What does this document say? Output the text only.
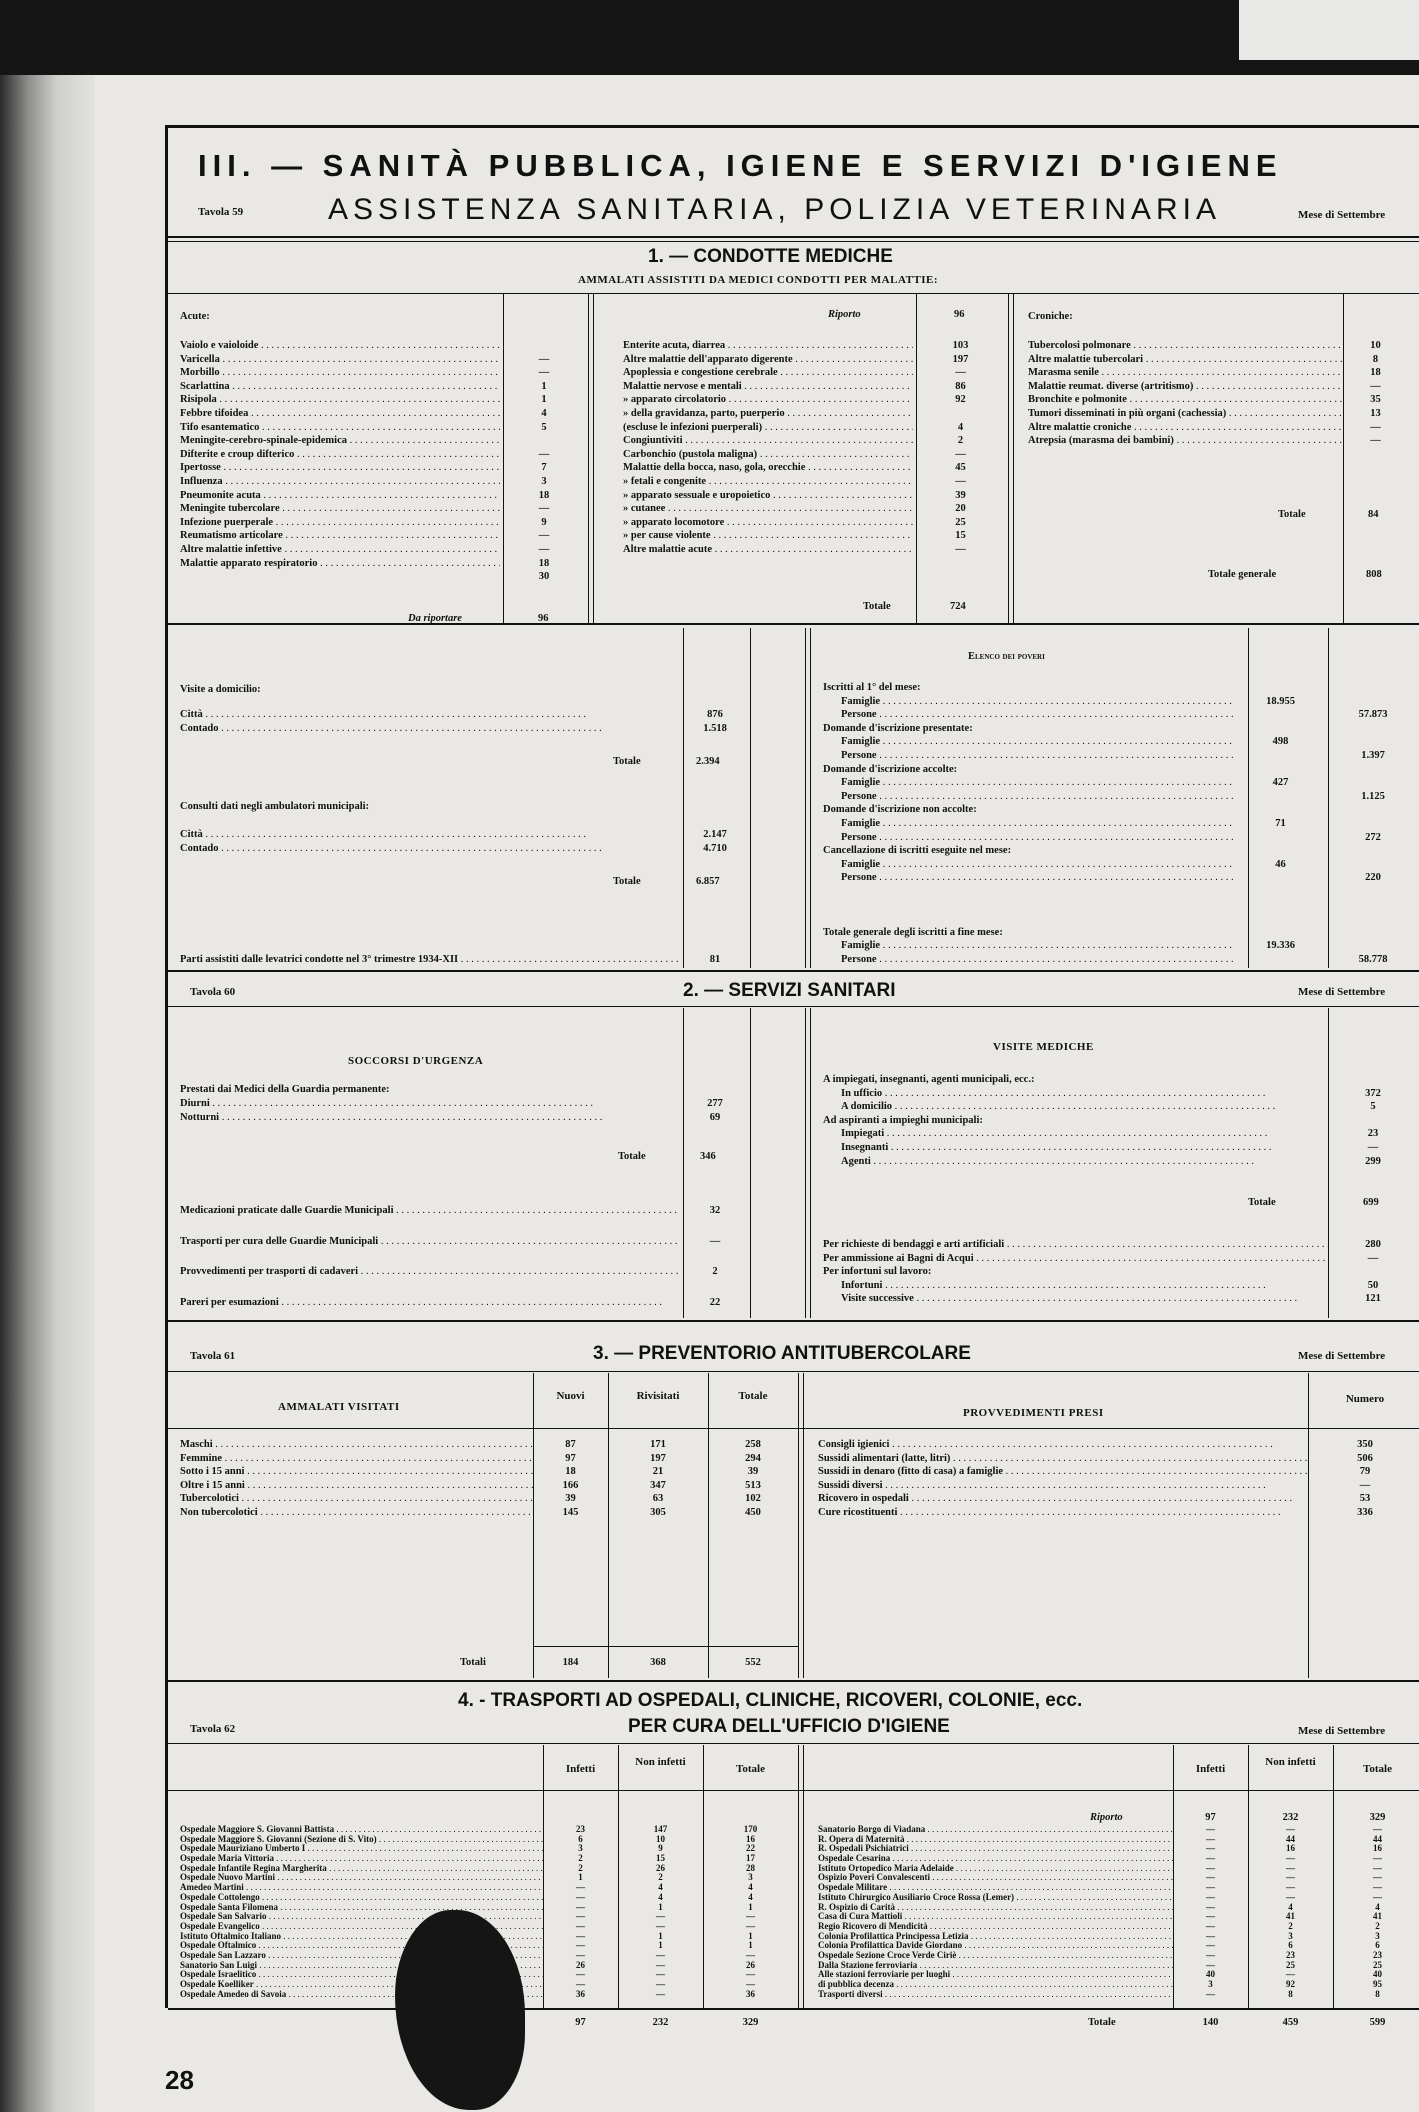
III. — SANITÀ PUBBLICA, IGIENE E SERVIZI D'IGIENE
Tavola 59	ASSISTENZA SANITARIA, POLIZIA VETERINARIA	Mese di Settembre
1. — CONDOTTE MEDICHE
AMMALATI ASSISTITI DA MEDICI CONDOTTI PER MALATTIE:
Acute:
Vaiolo e vaioloide . . .
Varicella . . .	—
Morbillo . . .	—
Scarlattina . . .	1
Risipola . . .	1
Febbre tifoidea . . .	4
Tifo esantematico . . .	5
Meningite-cerebro-spinale-epidemica . . .
Difterite e croup difterico . . .	—
Ipertosse . . .	7
Influenza . . .	3
Pneumonite acuta . . .	18
Meningite tubercolare . . .	—
Infezione puerperale . . .	9
Reumatismo articolare . . .	—
Altre malattie infettive . . .	—
Malattie apparato respiratorio . . .	18
30
Da riportare	96
Riporto	96
Enterite acuta, diarrea . . .	103
Altre malattie dell'apparato digerente . . .	197
Apoplessia e congestione cerebrale . . .	—
Malattie nervose e mentali . . .	86
» apparato circolatorio . . .	92
» della gravidanza, parto, puerperio . . .
(escluse le infezioni puerperali) . . .	4
Congiuntiviti . . .	2
Carbonchio (pustola maligna) . . .	—
Malattie della bocca, naso, gola, orecchie . . .	45
» fetali e congenite . . .	—
» apparato sessuale e uropoietico . . .	39
» cutanee . . .	20
» apparato locomotore . . .	25
» per cause violente . . .	15
Altre malattie acute . . .	—
Totale	724
Croniche:
Tubercolosi polmonare . . .	10
Altre malattie tubercolari . . .	8
Marasma senile . . .	18
Malattie reumat. diverse (artritismo) . . .	—
Bronchite e polmonite . . .	35
Tumori disseminati in più organi (cachessia) . . .	13
Altre malattie croniche . . .	—
Atrepsia (marasma dei bambini) . . .	—
Totale	84
Totale generale	808
Visite a domicilio:
Città . . .	876
Contado . . .	1.518
Totale	2.394
Consulti dati negli ambulatori municipali:
Città . . .	2.147
Contado . . .	4.710
Totale	6.857
Parti assistiti dalle levatrici condotte nel 3° trimestre 1934-XII . . .	81
Elenco dei poveri
Iscritti al 1° del mese:
Famiglie . . .	18.955
Persone . . .	57.873
Domande d'iscrizione presentate:
Famiglie . . .	498
Persone . . .	1.397
Domande d'iscrizione accolte:
Famiglie . . .	427
Persone . . .	1.125
Domande d'iscrizione non accolte:
Famiglie . . .	71
Persone . . .	272
Cancellazione di iscritti eseguite nel mese:
Famiglie . . .	46
Persone . . .	220
Totale generale degli iscritti a fine mese:
Famiglie . . .	19.336
Persone . . .	58.778
Tavola 60	2. — SERVIZI SANITARI	Mese di Settembre
SOCCORSI D'URGENZA
Prestati dai Medici della Guardia permanente:
Diurni . . .	277
Notturni . . .	69
Totale	346
Medicazioni praticate dalle Guardie Municipali . . .	32
Trasporti per cura delle Guardie Municipali . . .	—
Provvedimenti per trasporti di cadaveri . . .	2
Pareri per esumazioni . . .	22
VISITE MEDICHE
A impiegati, insegnanti, agenti municipali, ecc.:
In ufficio . . .	372
A domicilio . . .	5
Ad aspiranti a impieghi municipali:
Impiegati . . .	23
Insegnanti . . .	—
Agenti . . .	299
Totale	699
Per richieste di bendaggi e arti artificiali . . .	280
Per ammissione ai Bagni di Acqui . . .	—
Per infortuni sul lavoro:
Infortuni . . .	50
Visite successive . . .	121
Tavola 61	3. — PREVENTORIO ANTITUBERCOLARE	Mese di Settembre
AMMALATI VISITATI
Nuovi	Rivisitati	Totale
Maschi . . .	87	171	258
Femmine . . .	97	197	294
Sotto i 15 anni . . .	18	21	39
Oltre i 15 anni . . .	166	347	513
Tubercolotici . . .	39	63	102
Non tubercolotici . . .	145	305	450
Totali	184	368	552
PROVVEDIMENTI PRESI
Numero
Consigli igienici . . .	350
Sussidi alimentari (latte, litri) . . .	506
Sussidi in denaro (fitto di casa) a famiglie . . .	79
Sussidi diversi . . .	—
Ricovero in ospedali . . .	53
Cure ricostituenti . . .	336
4. - TRASPORTI AD OSPEDALI, CLINICHE, RICOVERI, COLONIE, ecc.
Tavola 62	PER CURA DELL'UFFICIO D'IGIENE	Mese di Settembre
Infetti
Non infetti
Totale	Infetti
Non infetti
Totale
Ospedale Maggiore S. Giovanni Battista . . .	23	147	170
Ospedale Maggiore S. Giovanni (Sezione di S. Vito) . . .	6	10	16
Ospedale Mauriziano Umberto I . . .	3	9	22
Ospedale Maria Vittoria . . .	2	15	17
Ospedale Infantile Regina Margherita . . .	2	26	28
Ospedale Nuovo Martini . . .	1	2	3
Amedeo Martini . . .	—	4	4
Ospedale Cottolengo . . .	—	4	4
Ospedale Santa Filomena . . .	—	1	1
Ospedale San Salvario . . .	—	—	—
Ospedale Evangelico . . .	—	—	—
Istituto Oftalmico Italiano . . .	—	1	1
Ospedale Oftalmico . . .	—	1	1
Ospedale San Lazzaro . . .	—	—	—
Sanatorio San Luigi . . .	26	—	26
Ospedale Israelitico . . .	—	—	—
Ospedale Koelliker . . .	—	—	—
Ospedale Amedeo di Savoia . . .	36	—	36
Riporto	97	232	329
Sanatorio Borgo di Viadana . . .	—	—	—
R. Opera di Maternità . . .	—	44	44
R. Ospedali Psichiatrici . . .	—	16	16
Ospedale Cesarina . . .	—	—	—
Istituto Ortopedico Maria Adelaide . . .	—	—	—
Ospizio Poveri Convalescenti . . .	—	—	—
Ospedale Militare . . .	—	—	—
Istituto Chirurgico Ausiliario Croce Rossa (Lemer) . . .	—	—	—
R. Ospizio di Carità . . .	—	4	4
Casa di Cura Mattioli . . .	—	41	41
Regio Ricovero di Mendicità . . .	—	2	2
Colonia Profilattica Principessa Letizia . . .	—	3	3
Colonia Profilattica Davide Giordano . . .	—	6	6
Ospedale Sezione Croce Verde Ciriè . . .	—	23	23
Dalla Stazione ferroviaria . . .	—	25	25
Alle stazioni ferroviarie per luoghi . . .	40	—	40
di pubblica decenza . . .	3	92	95
Trasporti diversi . . .	—	8	8
97	232	329	Totale	140	459	599
28
